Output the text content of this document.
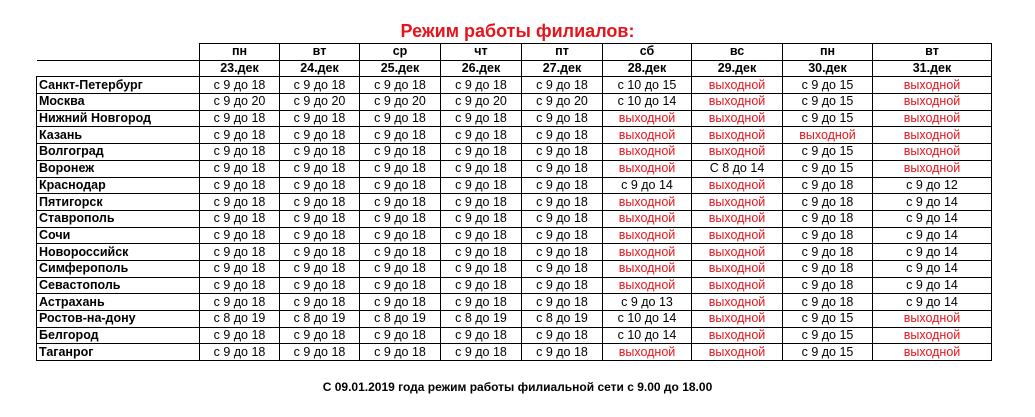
Режим работы филиалов:
	пн	вт	ср	чт	пт	сб	вс	пн	вт
	23.дек	24.дек	25.дек	26.дек	27.дек	28.дек	29.дек	30.дек	31.дек
Санкт-Петербург	с 9 до 18	с 9 до 18	с 9 до 18	с 9 до 18	с 9 до 18	с 10 до 15	выходной	с 9 до 15	выходной
Москва	с 9 до 20	с 9 до 20	с 9 до 20	с 9 до 20	с 9 до 20	с 10 до 14	выходной	с 9 до 15	выходной
Нижний Новгород	с 9 до 18	с 9 до 18	с 9 до 18	с 9 до 18	с 9 до 18	выходной	выходной	с 9 до 15	выходной
Казань	с 9 до 18	с 9 до 18	с 9 до 18	с 9 до 18	с 9 до 18	выходной	выходной	выходной	выходной
Волгоград	с 9 до 18	с 9 до 18	с 9 до 18	с 9 до 18	с 9 до 18	выходной	выходной	с 9 до 15	выходной
Воронеж	с 9 до 18	с 9 до 18	с 9 до 18	с 9 до 18	с 9 до 18	выходной	С 8 до 14	с 9 до 15	выходной
Краснодар	с 9 до 18	с 9 до 18	с 9 до 18	с 9 до 18	с 9 до 18	с 9 до 14	выходной	с 9 до 18	с 9 до 12
Пятигорск	с 9 до 18	с 9 до 18	с 9 до 18	с 9 до 18	с 9 до 18	выходной	выходной	с 9 до 18	с 9 до 14
Ставрополь	с 9 до 18	с 9 до 18	с 9 до 18	с 9 до 18	с 9 до 18	выходной	выходной	с 9 до 18	с 9 до 14
Сочи	с 9 до 18	с 9 до 18	с 9 до 18	с 9 до 18	с 9 до 18	выходной	выходной	с 9 до 18	с 9 до 14
Новороссийск	с 9 до 18	с 9 до 18	с 9 до 18	с 9 до 18	с 9 до 18	выходной	выходной	с 9 до 18	с 9 до 14
Симферополь	с 9 до 18	с 9 до 18	с 9 до 18	с 9 до 18	с 9 до 18	выходной	выходной	с 9 до 18	с 9 до 14
Севастополь	с 9 до 18	с 9 до 18	с 9 до 18	с 9 до 18	с 9 до 18	выходной	выходной	с 9 до 18	с 9 до 14
Астрахань	с 9 до 18	с 9 до 18	с 9 до 18	с 9 до 18	с 9 до 18	с 9 до 13	выходной	с 9 до 18	с 9 до 14
Ростов-на-дону	с 8 до 19	с 8 до 19	с 8 до 19	с 8 до 19	с 8 до 19	с 10 до 14	выходной	с 9 до 15	выходной
Белгород	с 9 до 18	с 9 до 18	с 9 до 18	с 9 до 18	с 9 до 18	с 10 до 14	выходной	с 9 до 15	выходной
Таганрог	с 9 до 18	с 9 до 18	с 9 до 18	с 9 до 18	с 9 до 18	выходной	выходной	с 9 до 15	выходной
С 09.01.2019 года режим работы филиальной сети с 9.00 до 18.00
